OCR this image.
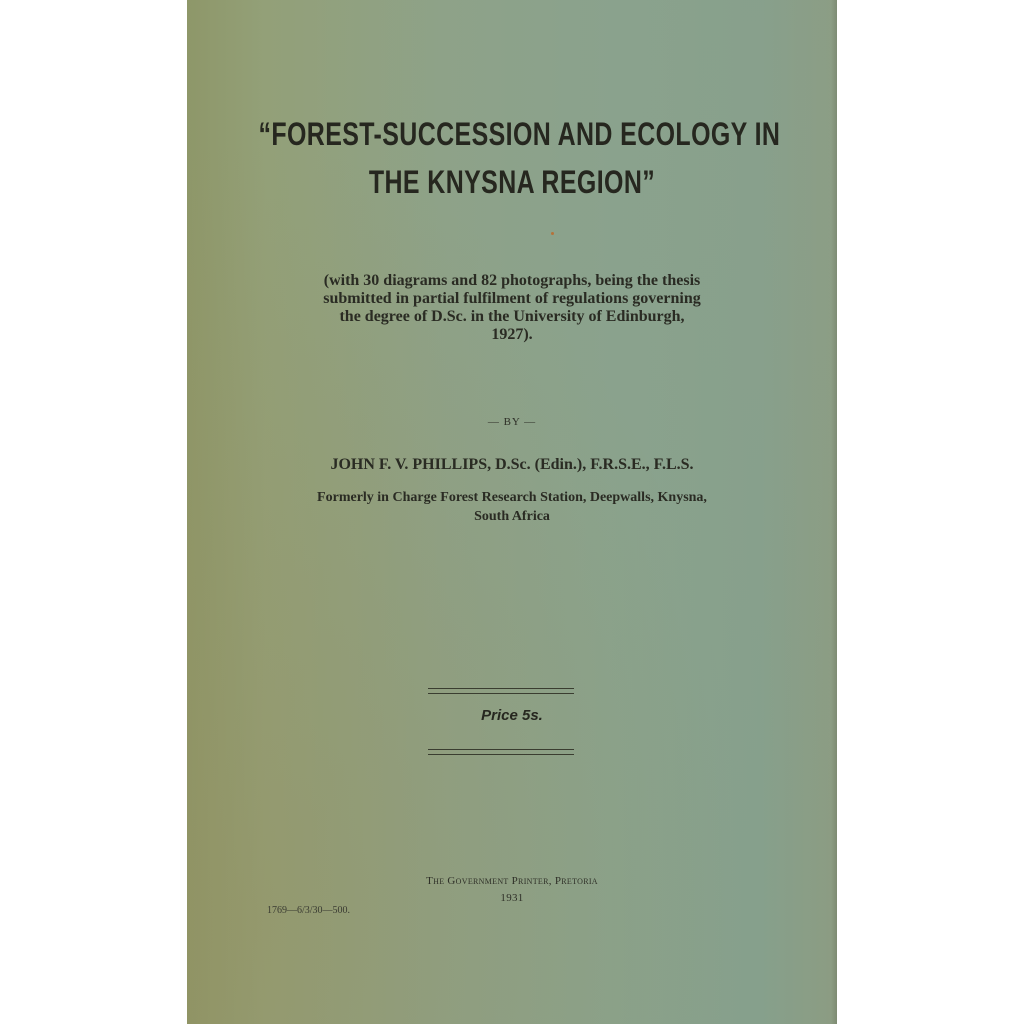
“FOREST-SUCCESSION AND ECOLOGY IN
THE KNYSNA REGION”
(with 30 diagrams and 82 photographs, being the thesis
submitted in partial fulfilment of regulations governing
the degree of D.Sc. in the University of Edinburgh,
1927).
— BY —
JOHN F. V. PHILLIPS, D.Sc. (Edin.), F.R.S.E., F.L.S.
Formerly in Charge Forest Research Station, Deepwalls, Knysna,
South Africa
Price 5s.
The Government Printer, Pretoria
1931
1769—6/3/30—500.
